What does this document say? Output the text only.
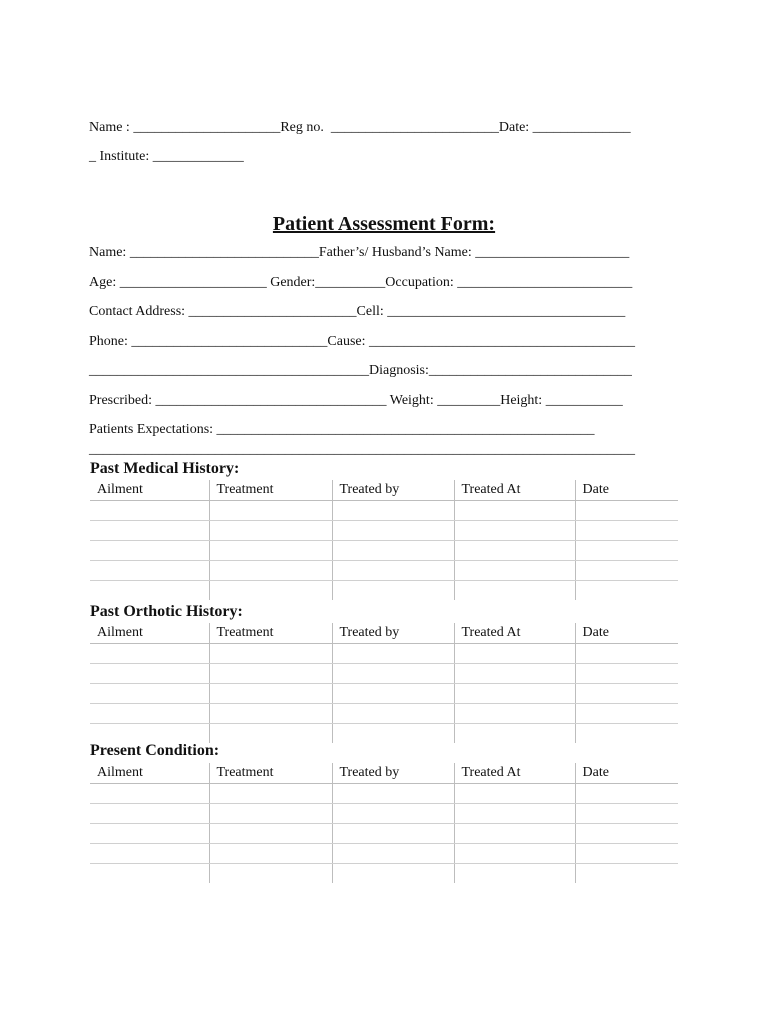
Name : _____________________Reg no.  ________________________Date: ______________
_ Institute: _____________
Patient Assessment Form:
Name: ___________________________Father’s/ Husband’s Name: ______________________
Age: _____________________ Gender:__________Occupation: _________________________
Contact Address: ________________________Cell: __________________________________
Phone: ____________________________Cause: ______________________________________
________________________________________Diagnosis:_____________________________
Prescribed: _________________________________ Weight: _________Height: ___________
Patients Expectations: ______________________________________________________
______________________________________________________________________________
Past Medical History:
Ailment	Treatment	Treated by	Treated At	Date

Past Orthotic History:
Ailment	Treatment	Treated by	Treated At	Date

Present Condition:
Ailment	Treatment	Treated by	Treated At	Date
